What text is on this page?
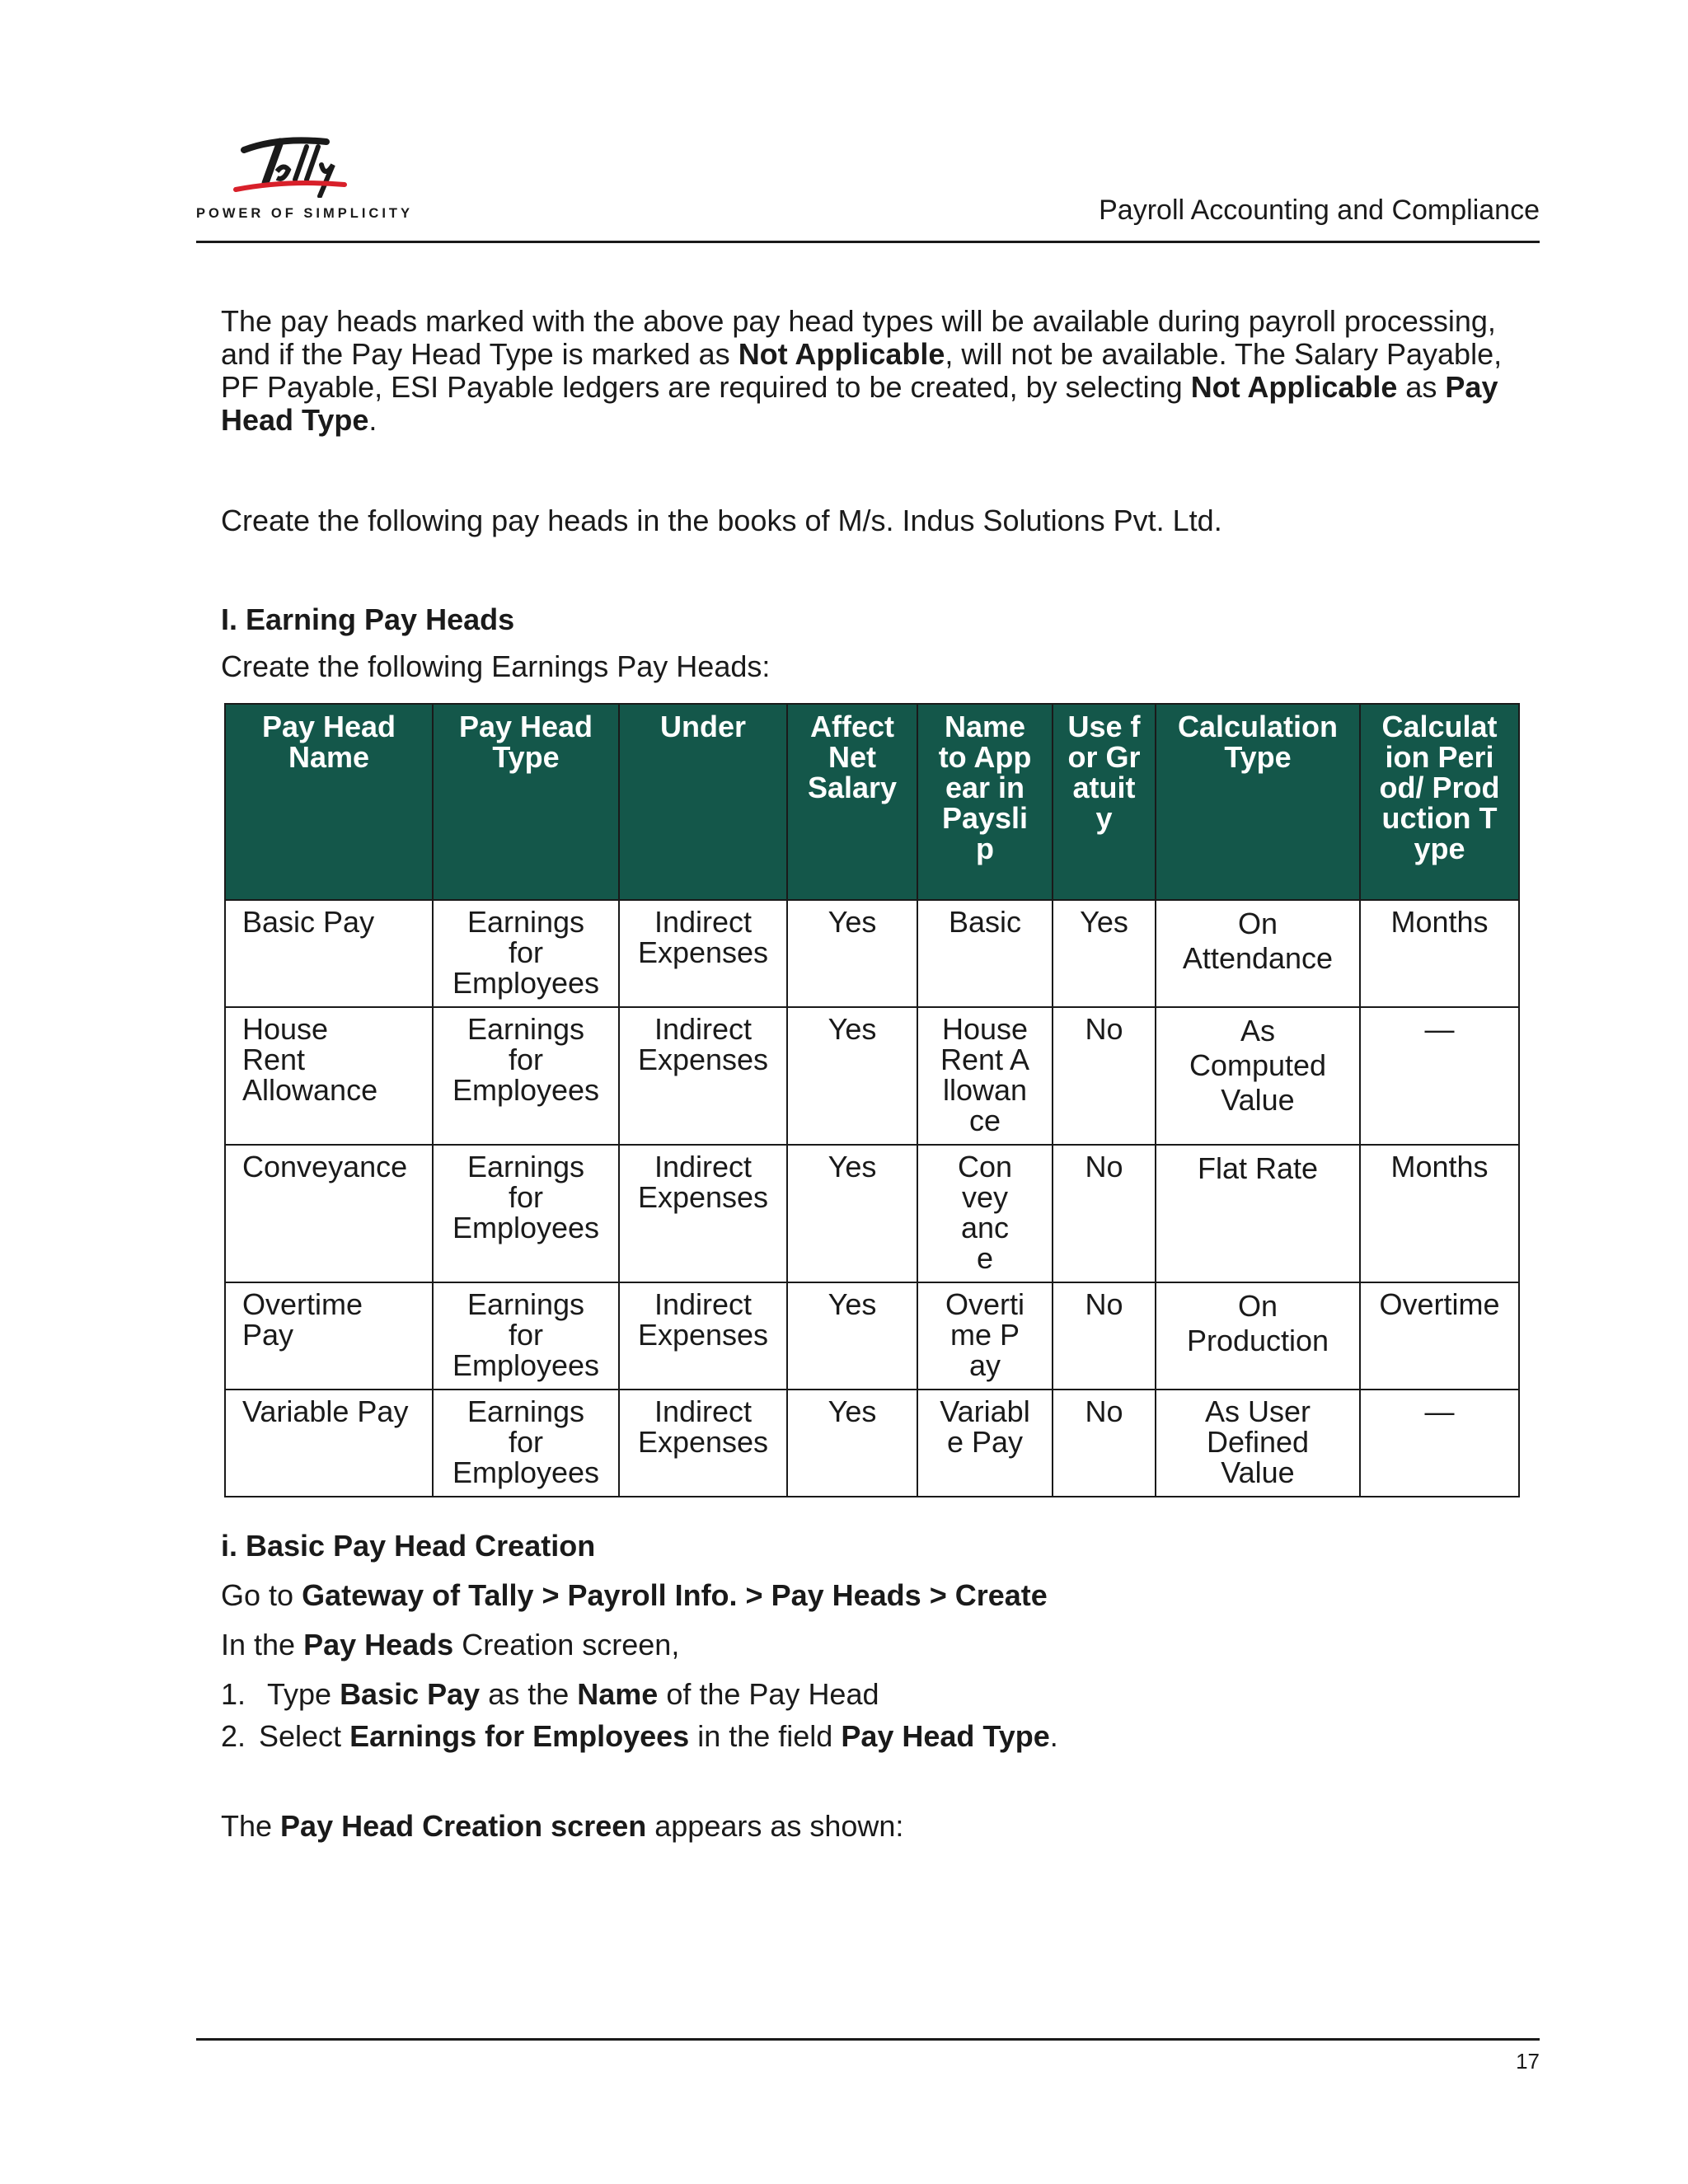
POWER OF SIMPLICITY	Payroll Accounting and Compliance

The pay heads marked with the above pay head types will be available during payroll processing, and if the Pay Head Type is marked as Not Applicable, will not be available. The Salary Payable, PF Payable, ESI Payable ledgers are required to be created, by selecting Not Applicable as Pay Head Type.

Create the following pay heads in the books of M/s. Indus Solutions Pvt. Ltd.

I. Earning Pay Heads

Create the following Earnings Pay Heads:

Pay Head Name	Pay Head Type	Under	Affect Net Salary	Name to Appear in Payslip	Use for Gratuity	Calculation Type	Calculation Period/ Production Type

Basic Pay	Earnings for Employees	Indirect Expenses	Yes	Basic	Yes	On Attendance	Months

House Rent Allowance	Earnings for Employees	Indirect Expenses	Yes	House Rent Allowance	No	As Computed Value	—

Conveyance	Earnings for Employees	Indirect Expenses	Yes	Conveyance	No	Flat Rate	Months

Overtime Pay	Earnings for Employees	Indirect Expenses	Yes	Overtime Pay	No	On Production	Overtime

Variable Pay	Earnings for Employees	Indirect Expenses	Yes	Variable Pay	No	As User Defined Value	—

i. Basic Pay Head Creation

Go to Gateway of Tally > Payroll Info. > Pay Heads > Create

In the Pay Heads Creation screen,

1. Type Basic Pay as the Name of the Pay Head
2. Select Earnings for Employees in the field Pay Head Type.

The Pay Head Creation screen appears as shown:

17
